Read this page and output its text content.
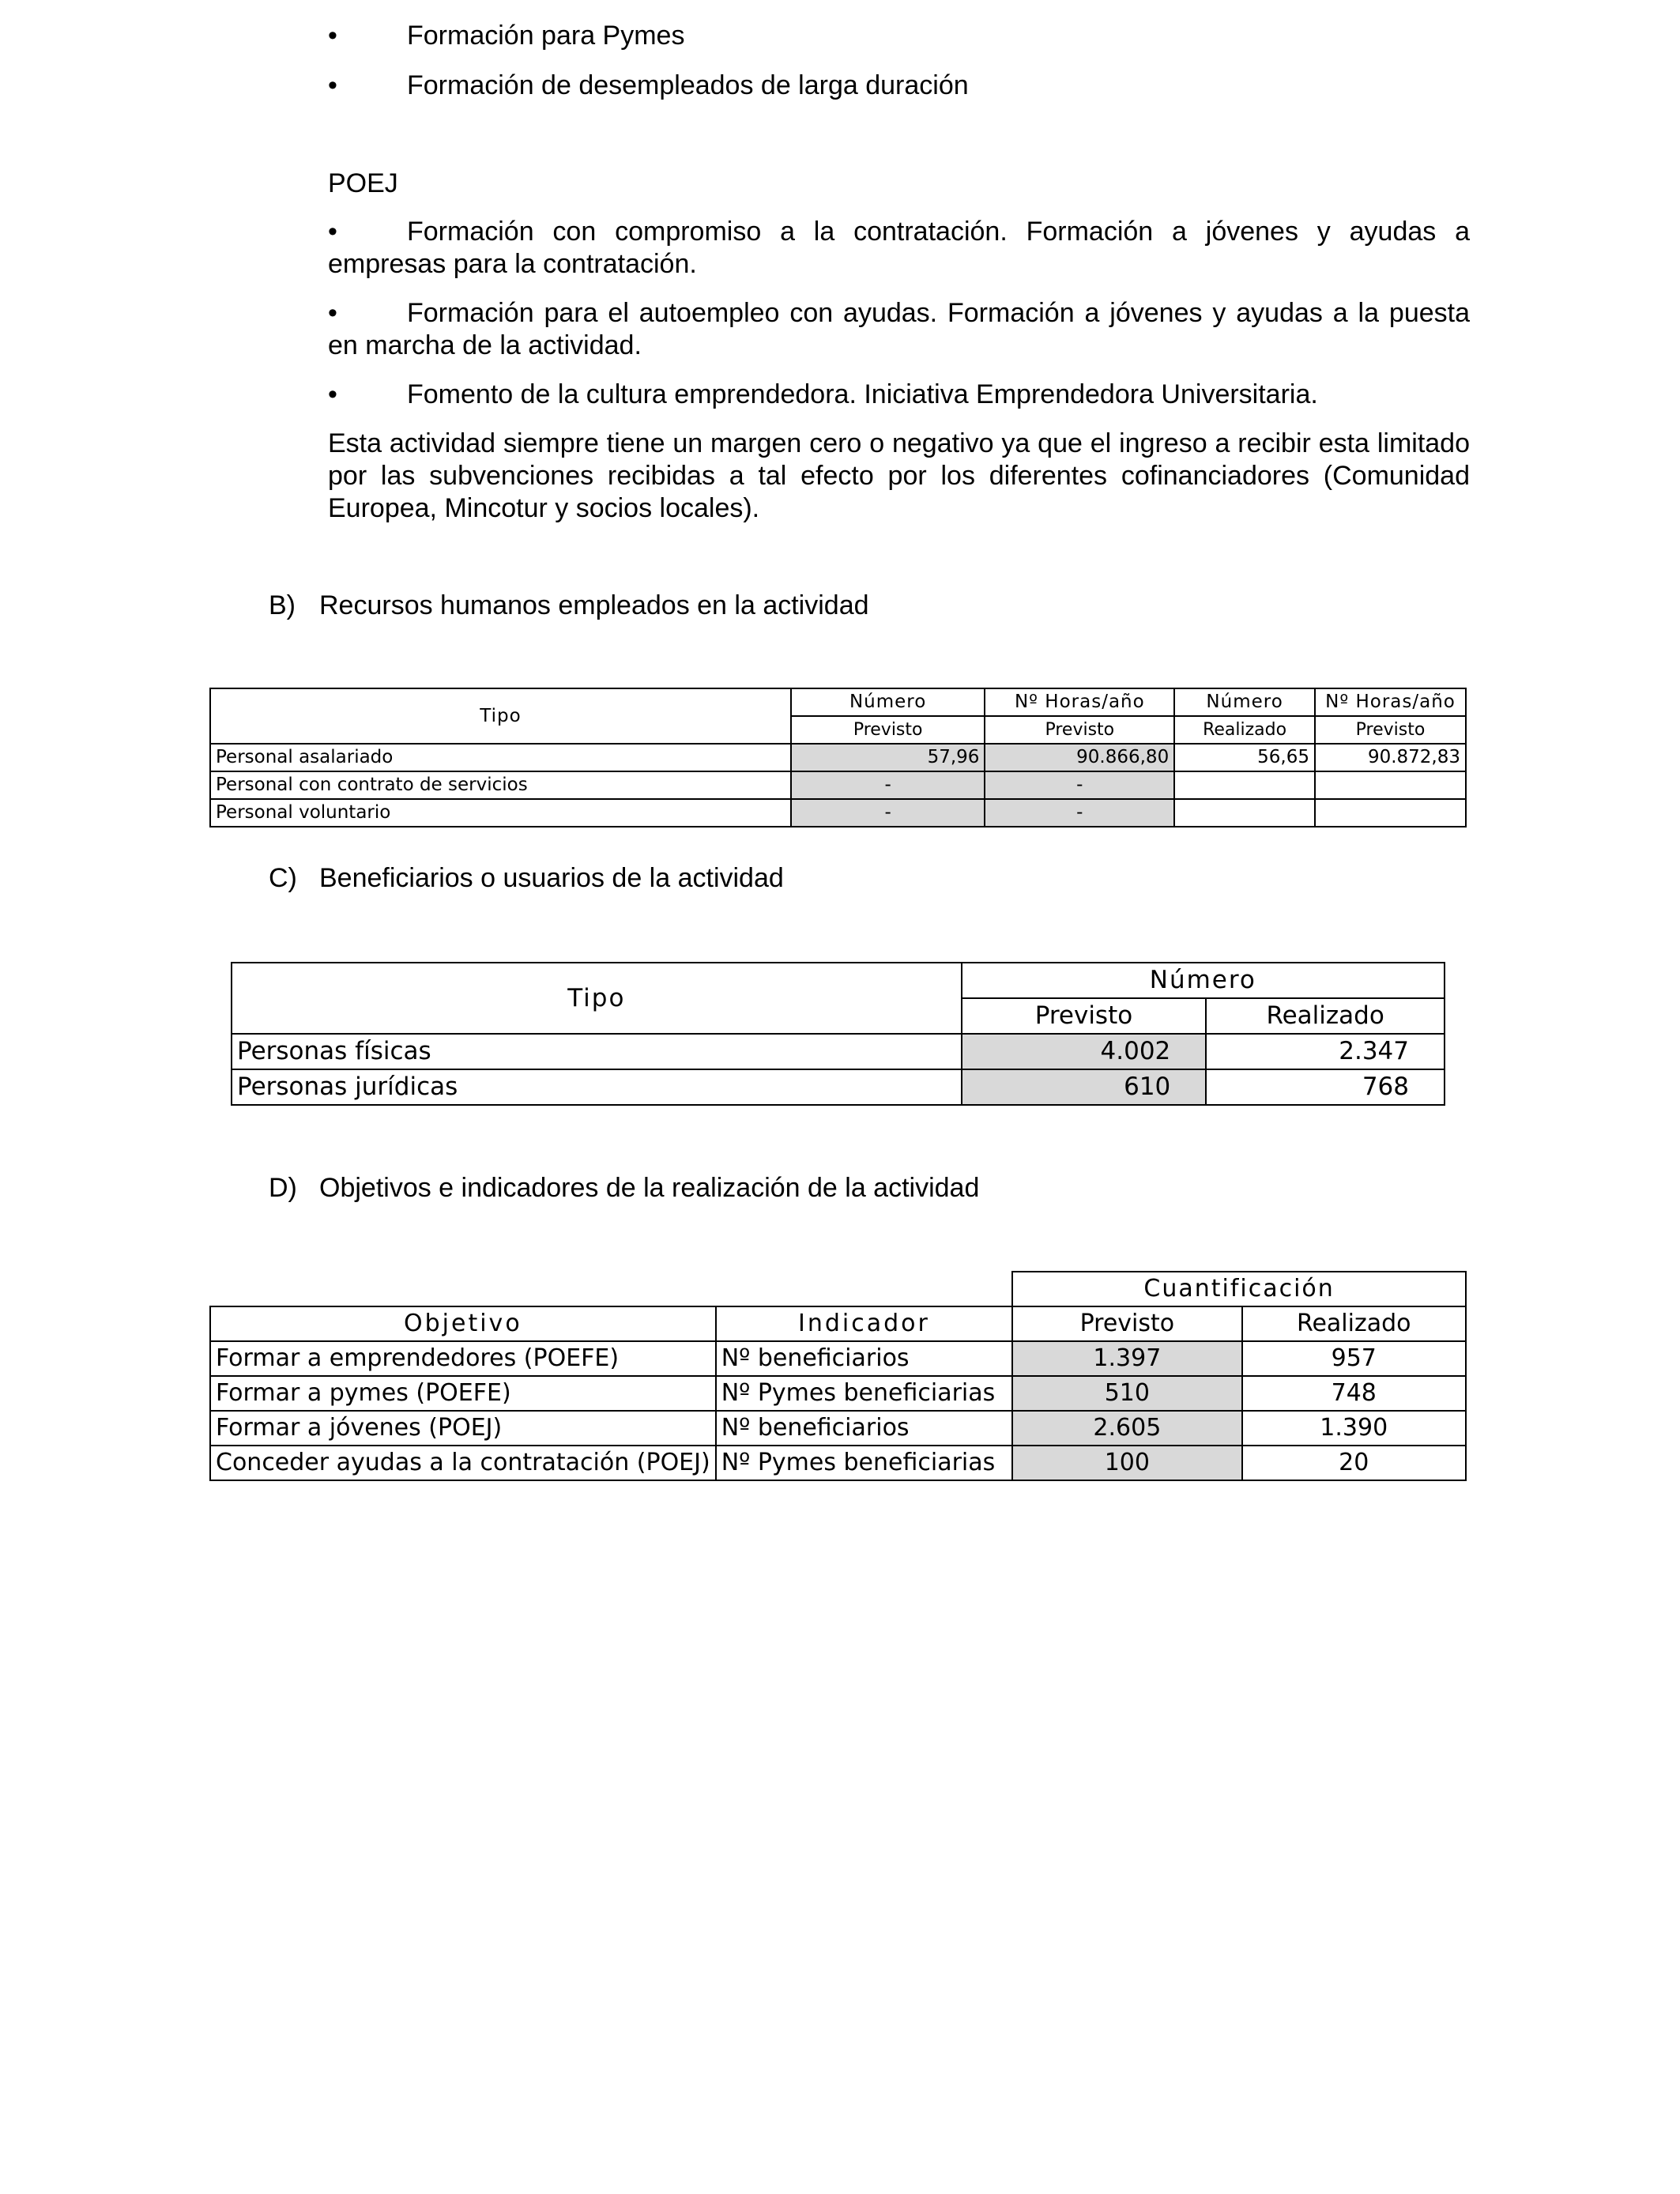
•	Formación para Pymes
•	Formación de desempleados de larga duración
POEJ
•	Formación con compromiso a la contratación. Formación a jóvenes y ayudas a empresas para la contratación.
•	Formación para el autoempleo con ayudas. Formación a jóvenes y ayudas a la puesta en marcha de la actividad.
•	Fomento de la cultura emprendedora. Iniciativa Emprendedora Universitaria.
Esta actividad siempre tiene un margen cero o negativo ya que el ingreso a recibir esta limitado por las subvenciones recibidas a tal efecto por los diferentes cofinanciadores (Comunidad Europea, Mincotur y socios locales).
B) Recursos humanos empleados en la actividad
Tipo	Número	Nº Horas/año	Número	Nº Horas/año
	Previsto	Previsto	Realizado	Previsto
Personal asalariado	57,96	90.866,80	56,65	90.872,83
Personal con contrato de servicios	-	-		
Personal voluntario	-	-		
C) Beneficiarios o usuarios de la actividad
Tipo	Número	
	Previsto	Realizado
Personas físicas	4.002	2.347
Personas jurídicas	610	768
D) Objetivos e indicadores de la realización de la actividad
		Cuantificación	
Objetivo	Indicador	Previsto	Realizado
Formar a emprendedores (POEFE)	Nº beneficiarios	1.397	957
Formar a pymes (POEFE)	Nº Pymes beneficiarias	510	748
Formar a jóvenes (POEJ)	Nº beneficiarios	2.605	1.390
Conceder ayudas a la contratación (POEJ)	Nº Pymes beneficiarias	100	20
